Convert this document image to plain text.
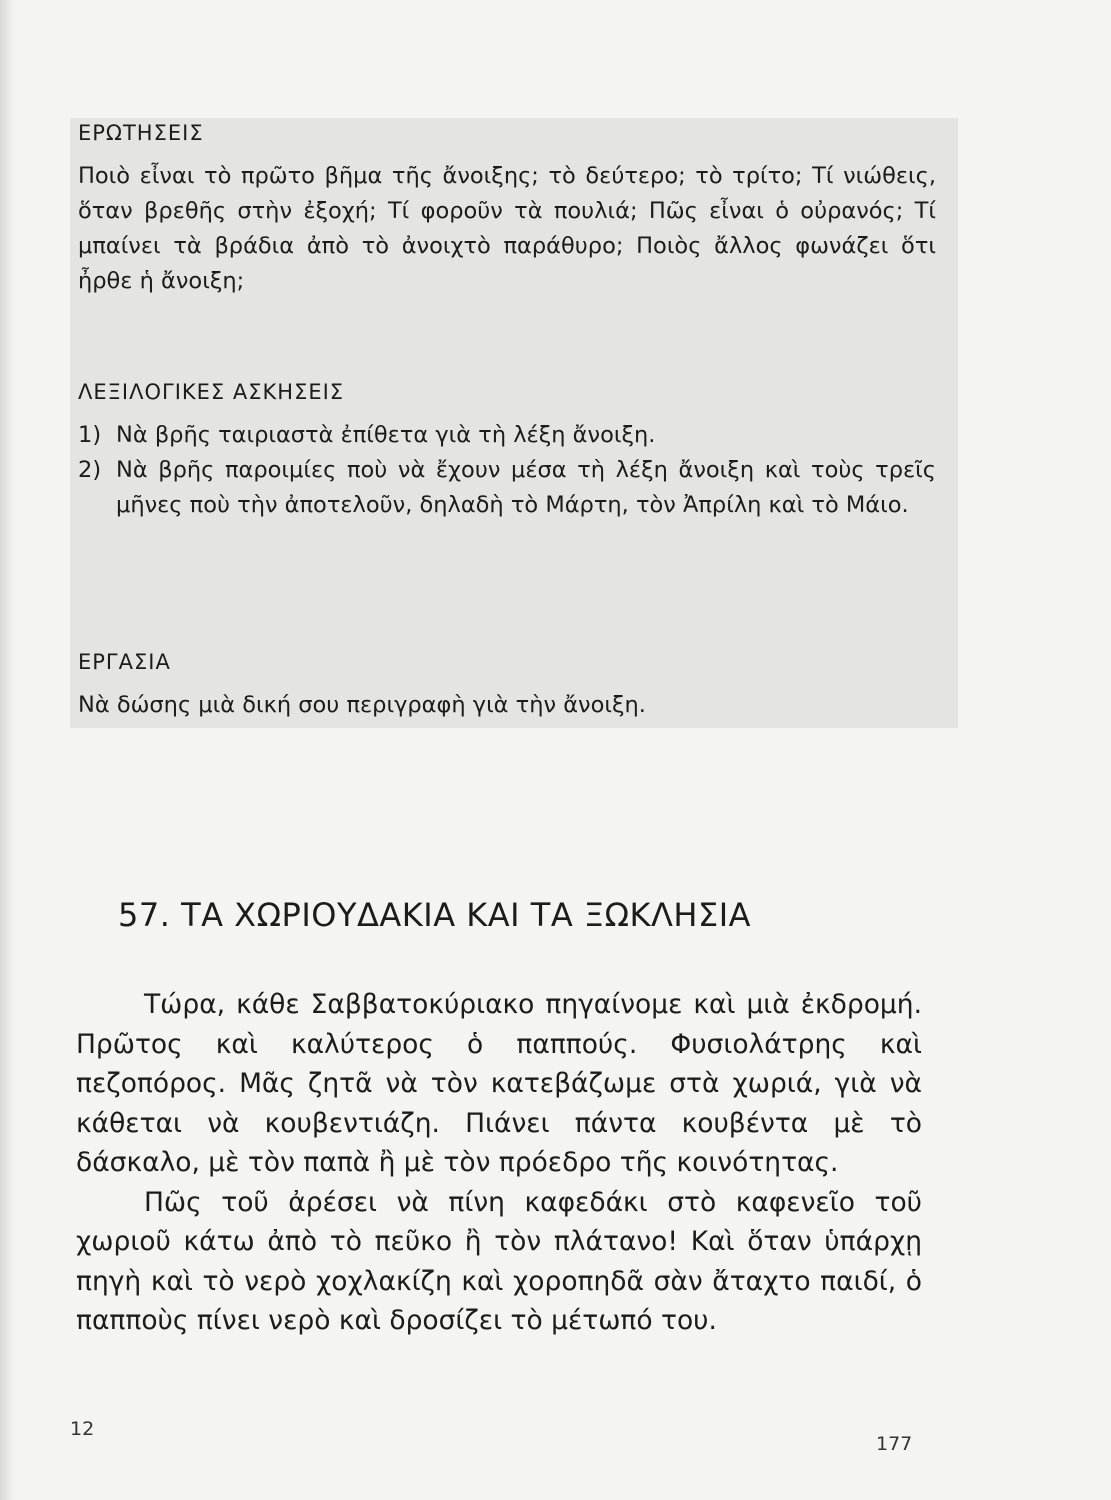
ΕΡΩΤΗΣΕΙΣ

Ποιὸ εἶναι τὸ πρῶτο βῆμα τῆς ἄνοιξης; τὸ δεύτερο; τὸ τρίτο; Τί νιώθεις, ὅταν βρεθῆς στὴν ἐξοχή; Τί φοροῦν τὰ πουλιά; Πῶς εἶναι ὁ οὐρανός; Τί μπαίνει τὰ βράδια ἀπὸ τὸ ἀνοιχτὸ παράθυρο; Ποιὸς ἄλλος φωνάζει ὅτι ἦρθε ἡ ἄνοιξη;

ΛΕΞΙΛΟΓΙΚΕΣ ΑΣΚΗΣΕΙΣ
1) Νὰ βρῆς ταιριαστὰ ἐπίθετα γιὰ τὴ λέξη ἄνοιξη.
2) Νὰ βρῆς παροιμίες ποὺ νὰ ἔχουν μέσα τὴ λέξη ἄνοιξη καὶ τοὺς τρεῖς μῆνες ποὺ τὴν ἀποτελοῦν, δηλαδὴ τὸ Μάρτη, τὸν Ἀπρίλη καὶ τὸ Μάιο.
ΕΡΓΑΣΙΑ

Νὰ δώσης μιὰ δική σου περιγραφὴ γιὰ τὴν ἄνοιξη.

57. ΤΑ ΧΩΡΙΟΥΔΑΚΙΑ ΚΑΙ ΤΑ ΞΩΚΛΗΣΙΑ

Τώρα, κάθε Σαββατοκύριακο πηγαίνομε καὶ μιὰ ἐκδρομή. Πρῶτος καὶ καλύτερος ὁ παππούς. Φυσιολάτρης καὶ πεζοπόρος. Μᾶς ζητᾶ νὰ τὸν κατεβάζωμε στὰ χωριά, γιὰ νὰ κάθεται νὰ κουβεντιάζη. Πιάνει πάντα κουβέντα μὲ τὸ δάσκαλο, μὲ τὸν παπὰ ἢ μὲ τὸν πρόεδρο τῆς κοινότητας.

Πῶς τοῦ ἀρέσει νὰ πίνη καφεδάκι στὸ καφενεῖο τοῦ χωριοῦ κάτω ἀπὸ τὸ πεῦκο ἢ τὸν πλάτανο! Καὶ ὅταν ὑπάρχῃ πηγὴ καὶ τὸ νερὸ χοχλακίζη καὶ χοροπηδᾶ σὰν ἄταχτο παιδί, ὁ παπποὺς πίνει νερὸ καὶ δροσίζει τὸ μέτωπό του.

12
177
